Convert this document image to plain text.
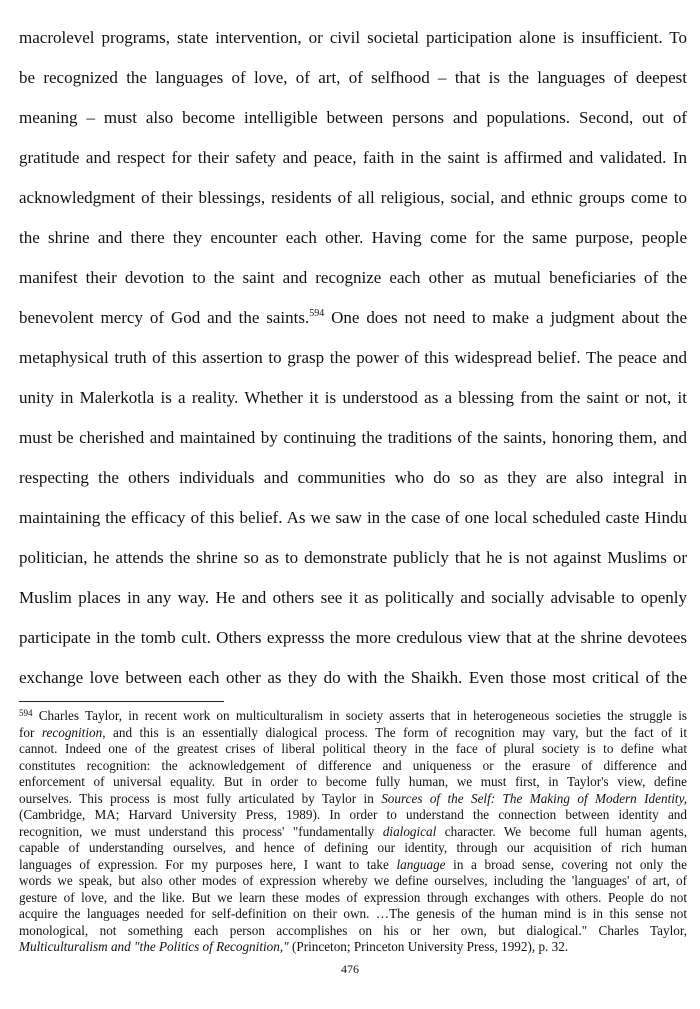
macrolevel programs, state intervention, or civil societal participation alone is insufficient. To
be recognized the languages of love, of art, of selfhood – that is the languages of deepest
meaning – must also become intelligible between persons and populations. Second, out of
gratitude and respect for their safety and peace, faith in the saint is affirmed and validated. In
acknowledgment of their blessings, residents of all religious, social, and ethnic groups come to
the shrine and there they encounter each other. Having come for the same purpose, people
manifest their devotion to the saint and recognize each other as mutual beneficiaries of the
benevolent mercy of God and the saints.$^{594}$ One does not need to make a judgment about the
metaphysical truth of this assertion to grasp the power of this widespread belief. The peace and
unity in Malerkotla is a reality. Whether it is understood as a blessing from the saint or not, it
must be cherished and maintained by continuing the traditions of the saints, honoring them, and
respecting the others individuals and communities who do so as they are also integral in
maintaining the efficacy of this belief. As we saw in the case of one local scheduled caste Hindu
politician, he attends the shrine so as to demonstrate publicly that he is not against Muslims or
Muslim places in any way. He and others see it as politically and socially advisable to openly
participate in the tomb cult. Others expresss the more credulous view that at the shrine devotees
exchange love between each other as they do with the Shaikh. Even those most critical of the
$^{594}$ Charles Taylor, in recent work on multiculturalism in society asserts that in heterogeneous societies the struggle is
for recognition, and this is an essentially dialogical process. The form of recognition may vary, but the fact of it
cannot. Indeed one of the greatest crises of liberal political theory in the face of plural society is to define what
constitutes recognition: the acknowledgement of difference and uniqueness or the erasure of difference and
enforcement of universal equality. But in order to become fully human, we must first, in Taylor's view, define
ourselves. This process is most fully articulated by Taylor in Sources of the Self: The Making of Modern Identity,
(Cambridge, MA; Harvard University Press, 1989). In order to understand the connection between identity and
recognition, we must understand this process' "fundamentally dialogical character. We become full human agents,
capable of understanding ourselves, and hence of defining our identity, through our acquisition of rich human
languages of expression. For my purposes here, I want to take language in a broad sense, covering not only the
words we speak, but also other modes of expression whereby we define ourselves, including the 'languages' of art, of
gesture of love, and the like. But we learn these modes of expression through exchanges with others. People do not
acquire the languages needed for self-definition on their own. …The genesis of the human mind is in this sense not
monological, not something each person accomplishes on his or her own, but dialogical." Charles Taylor,
Multiculturalism and "the Politics of Recognition," (Princeton; Princeton University Press, 1992), p. 32.
476
